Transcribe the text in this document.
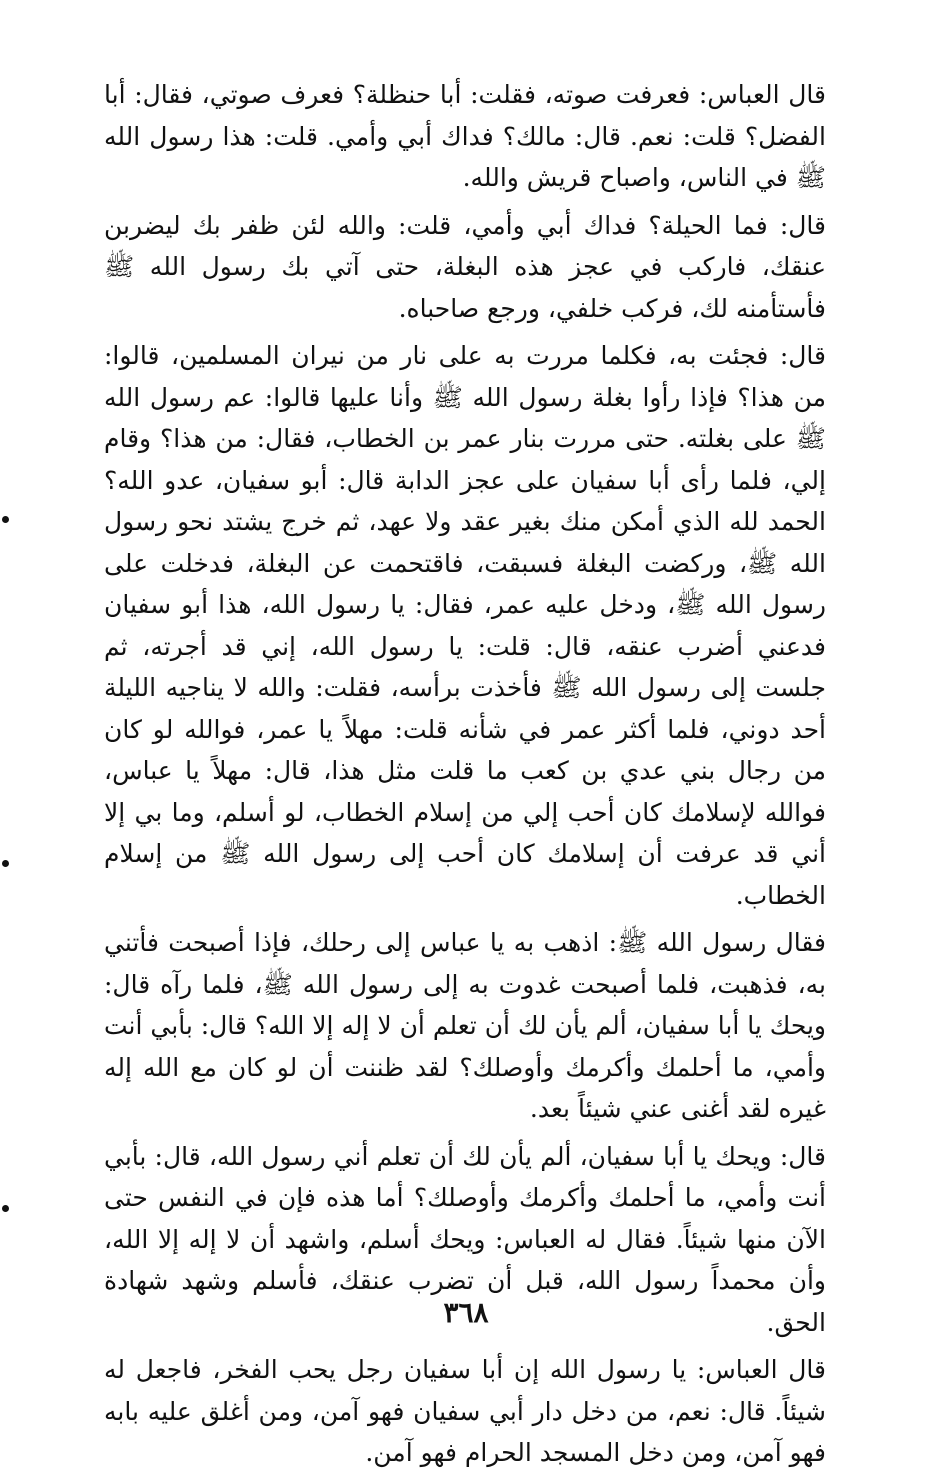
قال العباس: فعرفت صوته، فقلت: أبا حنظلة؟ فعرف صوتي، فقال: أبا الفضل؟ قلت: نعم. قال: مالك؟ فداك أبي وأمي. قلت: هذا رسول الله ﷺ في الناس، واصباح قريش والله.

قال: فما الحيلة؟ فداك أبي وأمي، قلت: والله لئن ظفر بك ليضربن عنقك، فاركب في عجز هذه البغلة، حتى آتي بك رسول الله ﷺ فأستأمنه لك، فركب خلفي، ورجع صاحباه.

قال: فجئت به، فكلما مررت به على نار من نيران المسلمين، قالوا: من هذا؟ فإذا رأوا بغلة رسول الله ﷺ وأنا عليها قالوا: عم رسول الله ﷺ على بغلته. حتى مررت بنار عمر بن الخطاب، فقال: من هذا؟ وقام إلي، فلما رأى أبا سفيان على عجز الدابة قال: أبو سفيان، عدو الله؟ الحمد لله الذي أمكن منك بغير عقد ولا عهد، ثم خرج يشتد نحو رسول الله ﷺ، وركضت البغلة فسبقت، فاقتحمت عن البغلة، فدخلت على رسول الله ﷺ، ودخل عليه عمر، فقال: يا رسول الله، هذا أبو سفيان فدعني أضرب عنقه، قال: قلت: يا رسول الله، إني قد أجرته، ثم جلست إلى رسول الله ﷺ فأخذت برأسه، فقلت: والله لا يناجيه الليلة أحد دوني، فلما أكثر عمر في شأنه قلت: مهلاً يا عمر، فوالله لو كان من رجال بني عدي بن كعب ما قلت مثل هذا، قال: مهلاً يا عباس، فوالله لإسلامك كان أحب إلي من إسلام الخطاب، لو أسلم، وما بي إلا أني قد عرفت أن إسلامك كان أحب إلى رسول الله ﷺ من إسلام الخطاب.

فقال رسول الله ﷺ: اذهب به يا عباس إلى رحلك، فإذا أصبحت فأتني به، فذهبت، فلما أصبحت غدوت به إلى رسول الله ﷺ، فلما رآه قال: ويحك يا أبا سفيان، ألم يأن لك أن تعلم أن لا إله إلا الله؟ قال: بأبي أنت وأمي، ما أحلمك وأكرمك وأوصلك؟ لقد ظننت أن لو كان مع الله إله غيره لقد أغنى عني شيئاً بعد.

قال: ويحك يا أبا سفيان، ألم يأن لك أن تعلم أني رسول الله، قال: بأبي أنت وأمي، ما أحلمك وأكرمك وأوصلك؟ أما هذه فإن في النفس حتى الآن منها شيئاً. فقال له العباس: ويحك أسلم، واشهد أن لا إله إلا الله، وأن محمداً رسول الله، قبل أن تضرب عنقك، فأسلم وشهد شهادة الحق.

قال العباس: يا رسول الله إن أبا سفيان رجل يحب الفخر، فاجعل له شيئاً. قال: نعم، من دخل دار أبي سفيان فهو آمن، ومن أغلق عليه بابه فهو آمن، ومن دخل المسجد الحرام فهو آمن.

٣٦٨
